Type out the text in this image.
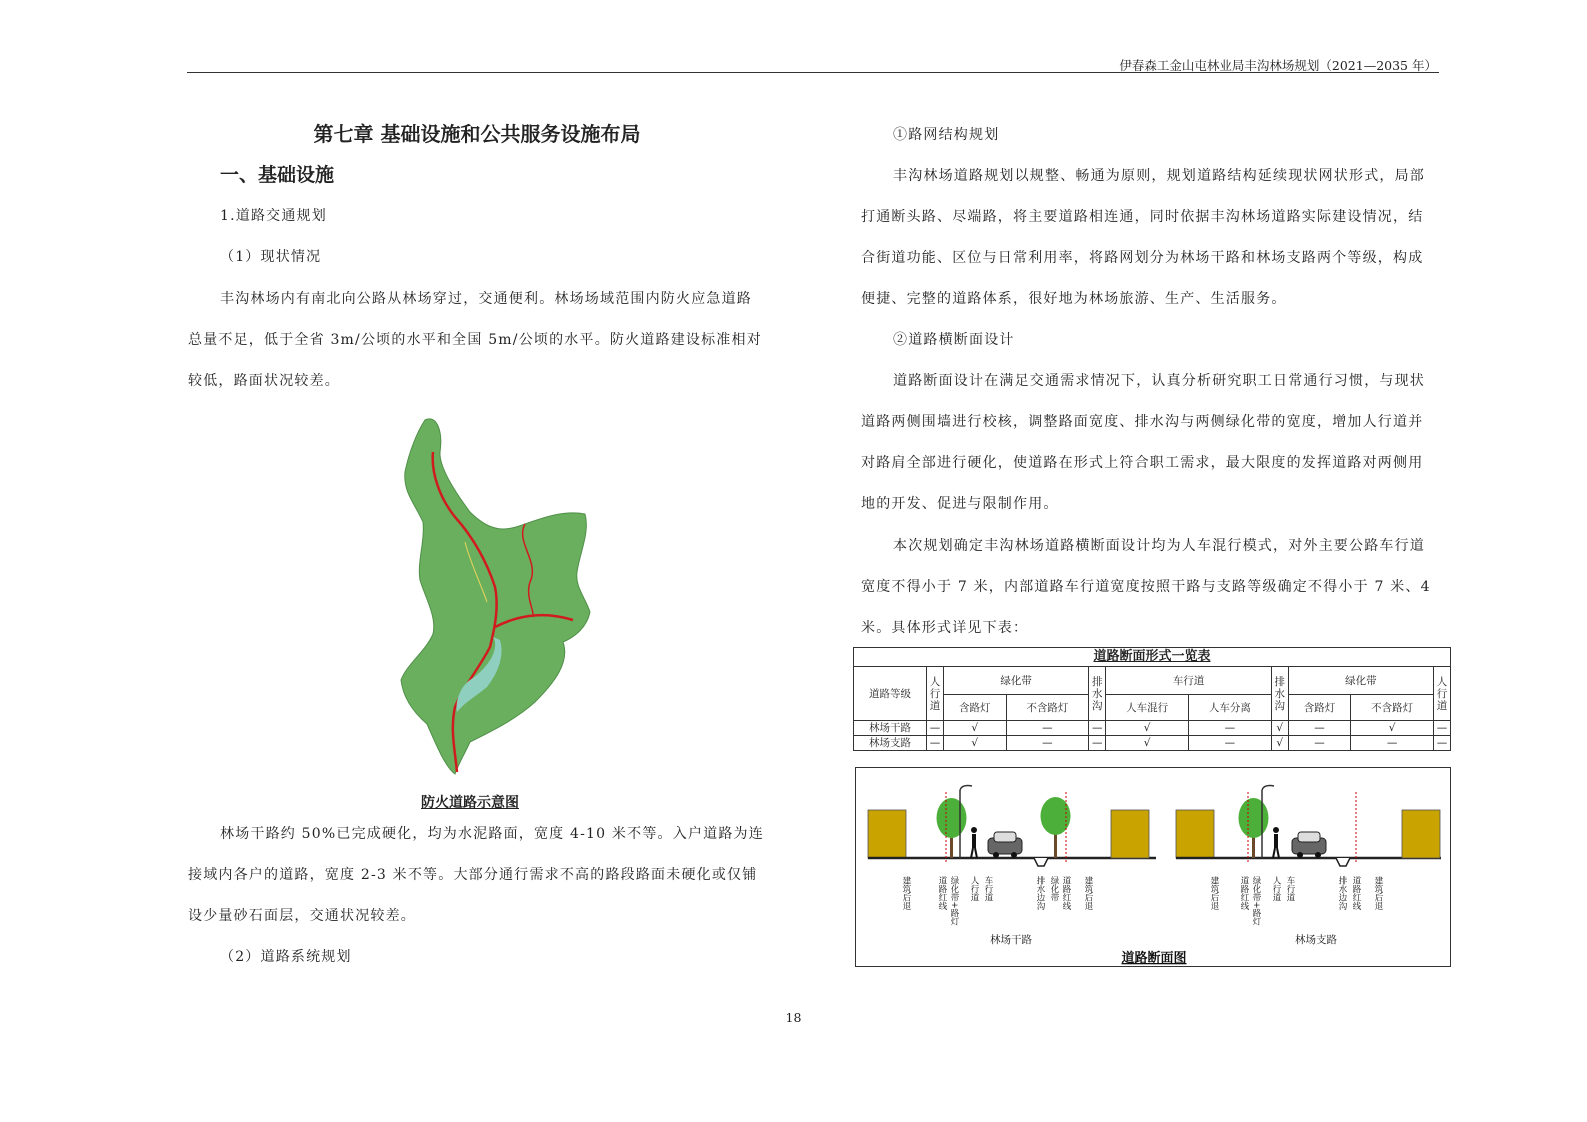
伊春森工金山屯林业局丰沟林场规划（2021—2035 年）
第七章 基础设施和公共服务设施布局
一、基础设施
1.道路交通规划
（1）现状情况
丰沟林场内有南北向公路从林场穿过，交通便利。林场场域范围内防火应急道路
总量不足，低于全省 3m/公顷的水平和全国 5m/公顷的水平。防火道路建设标准相对
较低，路面状况较差。
防火道路示意图
林场干路约 50%已完成硬化，均为水泥路面，宽度 4-10 米不等。入户道路为连
接域内各户的道路，宽度 2-3 米不等。大部分通行需求不高的路段路面未硬化或仅铺
设少量砂石面层，交通状况较差。
（2）道路系统规划
①路网结构规划
丰沟林场道路规划以规整、畅通为原则，规划道路结构延续现状网状形式，局部
打通断头路、尽端路，将主要道路相连通，同时依据丰沟林场道路实际建设情况，结
合街道功能、区位与日常利用率，将路网划分为林场干路和林场支路两个等级，构成
便捷、完整的道路体系，很好地为林场旅游、生产、生活服务。
②道路横断面设计
道路断面设计在满足交通需求情况下，认真分析研究职工日常通行习惯，与现状
道路两侧围墙进行校核，调整路面宽度、排水沟与两侧绿化带的宽度，增加人行道并
对路肩全部进行硬化，使道路在形式上符合职工需求，最大限度的发挥道路对两侧用
地的开发、促进与限制作用。
本次规划确定丰沟林场道路横断面设计均为人车混行模式，对外主要公路车行道
宽度不得小于 7 米，内部道路车行道宽度按照干路与支路等级确定不得小于 7 米、4
米。具体形式详见下表：
道路断面形式一览表										
道路等级	人
行
道	绿化带		排
水
沟	车行道		排
水
沟	绿化带		人
行
道
		含路灯	不含路灯		人车混行	人车分离		含路灯	不含路灯	
林场干路	—	√	—	—	√	—	√	—	√	—
林场支路	—	√	—	—	√	—	√	—	—	—
建筑后退	道路红线 绿化带+路灯 人行道 车行道	排水边沟 绿化带 道路红线 建筑后退
林场干路
建筑后退 道路红线 绿化带+路灯 人行道 车行道	排水边沟 道路红线 建筑后退
林场支路
道路断面图
18
